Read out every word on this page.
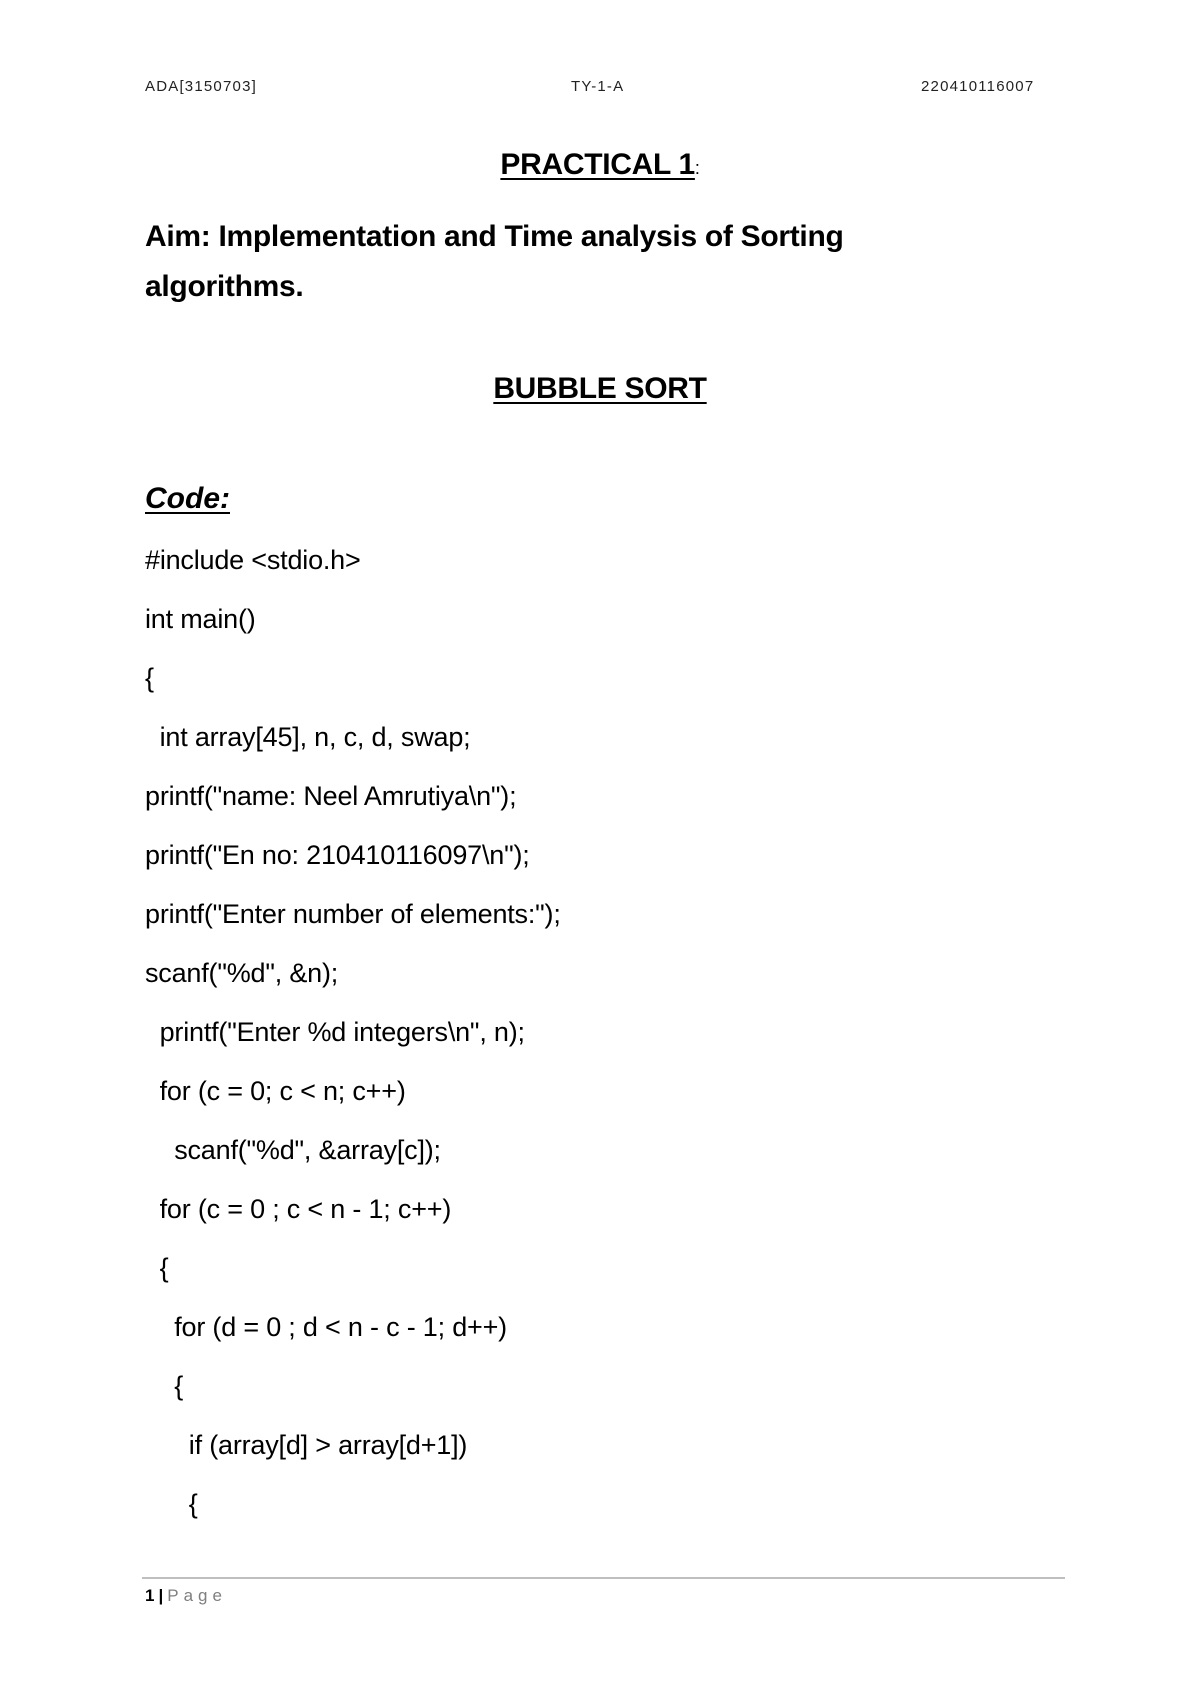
ADA[3150703]	TY-1-A	220410116007
PRACTICAL 1:
Aim: Implementation and Time analysis of Sorting
algorithms.
BUBBLE SORT
Code:
#include <stdio.h>
int main()
{
int array[45], n, c, d, swap;
printf("name: Neel Amrutiya\n");
printf("En no: 210410116097\n");
printf("Enter number of elements:");
scanf("%d", &n);
printf("Enter %d integers\n", n);
for (c = 0; c < n; c++)
scanf("%d", &array[c]);
for (c = 0 ; c < n - 1; c++)
{
for (d = 0 ; d < n - c - 1; d++)
{
if (array[d] > array[d+1])
{
1 | Page
